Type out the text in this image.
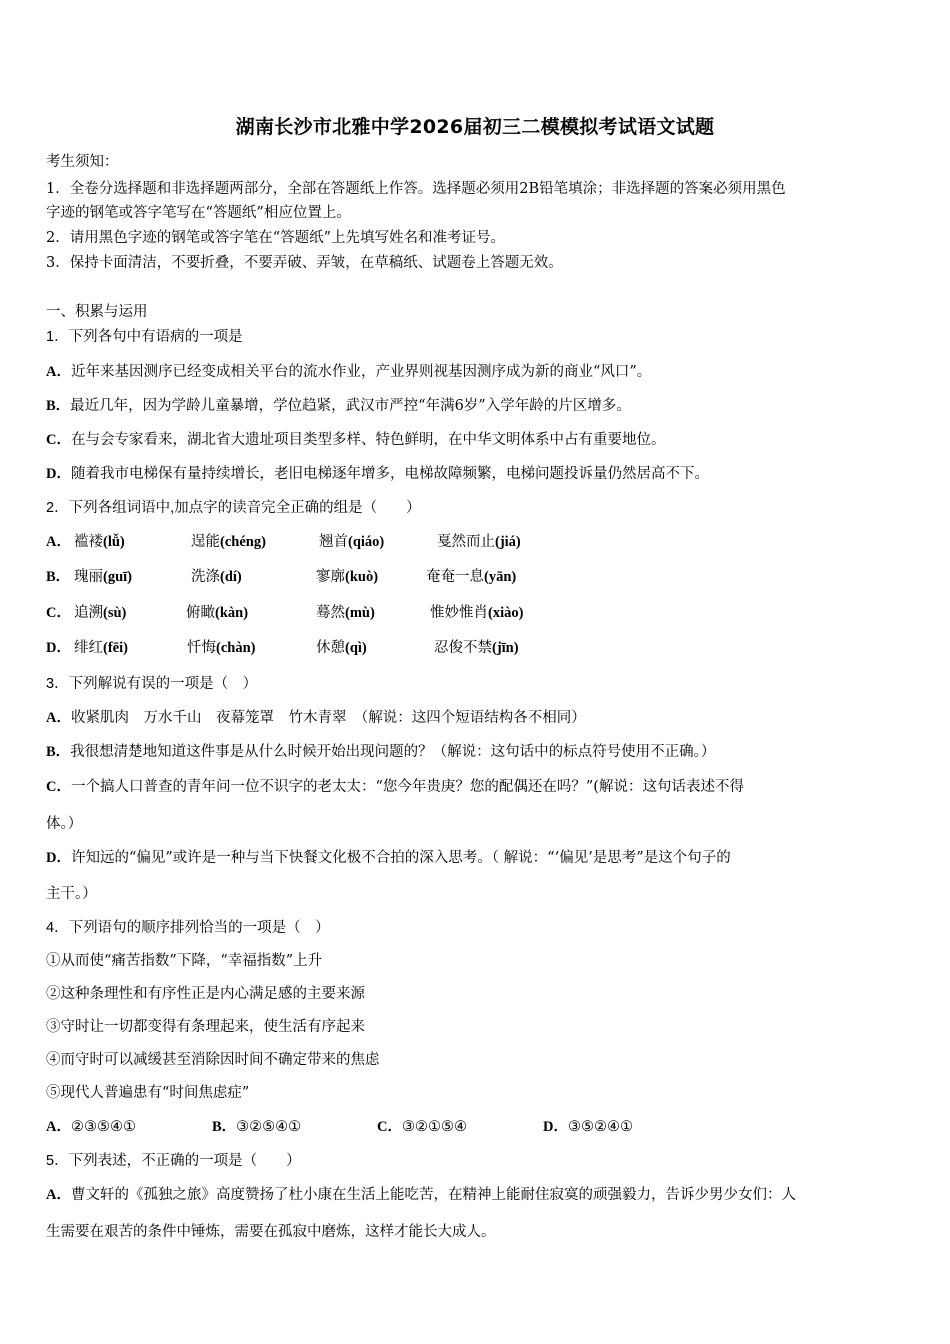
湖南长沙市北雅中学2026届初三二模模拟考试语文试题
考生须知：
1．全卷分选择题和非选择题两部分，全部在答题纸上作答。选择题必须用2B铅笔填涂；非选择题的答案必须用黑色
字迹的钢笔或答字笔写在“答题纸”相应位置上。
2．请用黑色字迹的钢笔或答字笔在“答题纸”上先填写姓名和准考证号。
3．保持卡面清洁，不要折叠，不要弄破、弄皱，在草稿纸、试题卷上答题无效。
一、积累与运用
1．下列各句中有语病的一项是
A．近年来基因测序已经变成相关平台的流水作业，产业界则视基因测序成为新的商业“风口”。
B．最近几年，因为学龄儿童暴增，学位趋紧，武汉市严控“年满6岁”入学年龄的片区增多。
C．在与会专家看来，湖北省大遗址项目类型多样、特色鲜明，在中华文明体系中占有重要地位。
D．随着我市电梯保有量持续增长，老旧电梯逐年增多，电梯故障频繁，电梯问题投诉量仍然居高不下。
2．下列各组词语中,加点字的读音完全正确的组是（　　）
A． 褴褛(lǚ)	逞能(chéng)	翘首(qiáo)	戛然而止(jiá)
B． 瑰丽(guī)	洗涤(dí)	寥廓(kuò)	奄奄一息(yān)
C． 追溯(sù)	俯瞰(kàn)	蓦然(mù)	惟妙惟肖(xiào)
D． 绯红(fēi)	忏悔(chàn)	休憩(qì)	忍俊不禁(jīn)
3．下列解说有误的一项是（　）
A．收紧肌肉　万水千山　夜幕笼罩　竹木青翠　（解说：这四个短语结构各不相同）
B．我很想清楚地知道这件事是从什么时候开始出现问题的？（解说：这句话中的标点符号使用不正确。）
C．一个搞人口普查的青年问一位不识字的老太太：“您今年贵庚？您的配偶还在吗？”(解说：这句话表述不得
体。）
D．许知远的“偏见”或许是一种与当下快餐文化极不合拍的深入思考。（ 解说：“‘偏见’是思考”是这个句子的
主干。）
4．下列语句的顺序排列恰当的一项是（　）
①从而使“痛苦指数”下降，“幸福指数”上升
②这种条理性和有序性正是内心满足感的主要来源
③守时让一切都变得有条理起来，使生活有序起来
④而守时可以减缓甚至消除因时间不确定带来的焦虑
⑤现代人普遍患有“时间焦虑症”
A．②③⑤④①	B．③②⑤④①	C．③②①⑤④	D．③⑤②④①
5．下列表述，不正确的一项是（　　）
A．曹文轩的《孤独之旅》高度赞扬了杜小康在生活上能吃苦，在精神上能耐住寂寞的顽强毅力，告诉少男少女们：人
生需要在艰苦的条件中锤炼，需要在孤寂中磨炼，这样才能长大成人。
